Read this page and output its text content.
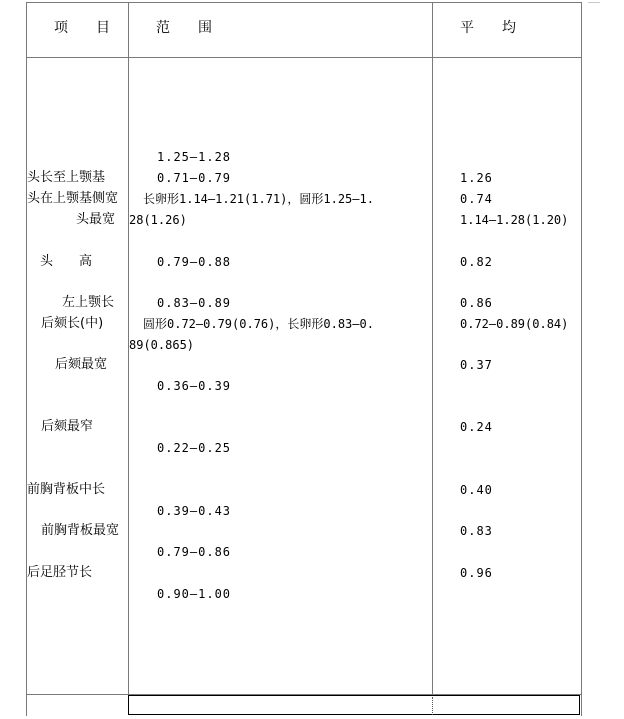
项　　目	范　　围	平　　均
头长至上颚基
头在上颚基侧宽
头最宽
头　　高
左上颚长
后颏长(中)
后颏最宽
后颏最窄
前胸背板中长
前胸背板最宽
后足胫节长
1.25—1.28
0.71—0.79
长卵形1.14—1.21(1.71)，圆形1.25—1.
28(1.26)
0.79—0.88
0.83—0.89
圆形0.72—0.79(0.76)，长卵形0.83—0.
89(0.865)
0.36—0.39
0.22—0.25
0.39—0.43
0.79—0.86
0.90—1.00
1.26
0.74
1.14—1.28(1.20)
0.82
0.86
0.72—0.89(0.84)
0.37
0.24
0.40
0.83
0.96
